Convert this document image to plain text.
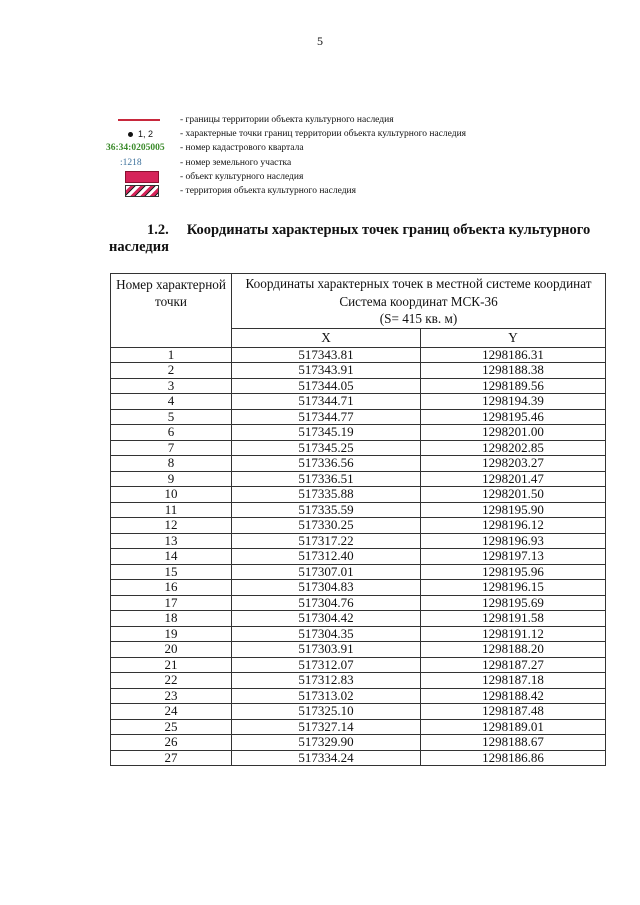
5
- границы территории объекта культурного наследия
1, 2	- характерные точки границ территории объекта культурного наследия
36:34:0205005 - номер кадастрового квартала
:1218	- номер земельного участка
- объект культурного наследия
- территория объекта культурного наследия
1.2. Координаты характерных точек границ объекта культурного наследия
Номер характерной точки	Координаты характерных точек в местной системе координат
Система координат МСК-36
(S= 415 кв. м)	

	X	Y
1	517343.81	1298186.31
2	517343.91	1298188.38
3	517344.05	1298189.56
4	517344.71	1298194.39
5	517344.77	1298195.46
6	517345.19	1298201.00
7	517345.25	1298202.85
8	517336.56	1298203.27
9	517336.51	1298201.47
10	517335.88	1298201.50
11	517335.59	1298195.90
12	517330.25	1298196.12
13	517317.22	1298196.93
14	517312.40	1298197.13
15	517307.01	1298195.96
16	517304.83	1298196.15
17	517304.76	1298195.69
18	517304.42	1298191.58
19	517304.35	1298191.12
20	517303.91	1298188.20
21	517312.07	1298187.27
22	517312.83	1298187.18
23	517313.02	1298188.42
24	517325.10	1298187.48
25	517327.14	1298189.01
26	517329.90	1298188.67
27	517334.24	1298186.86
